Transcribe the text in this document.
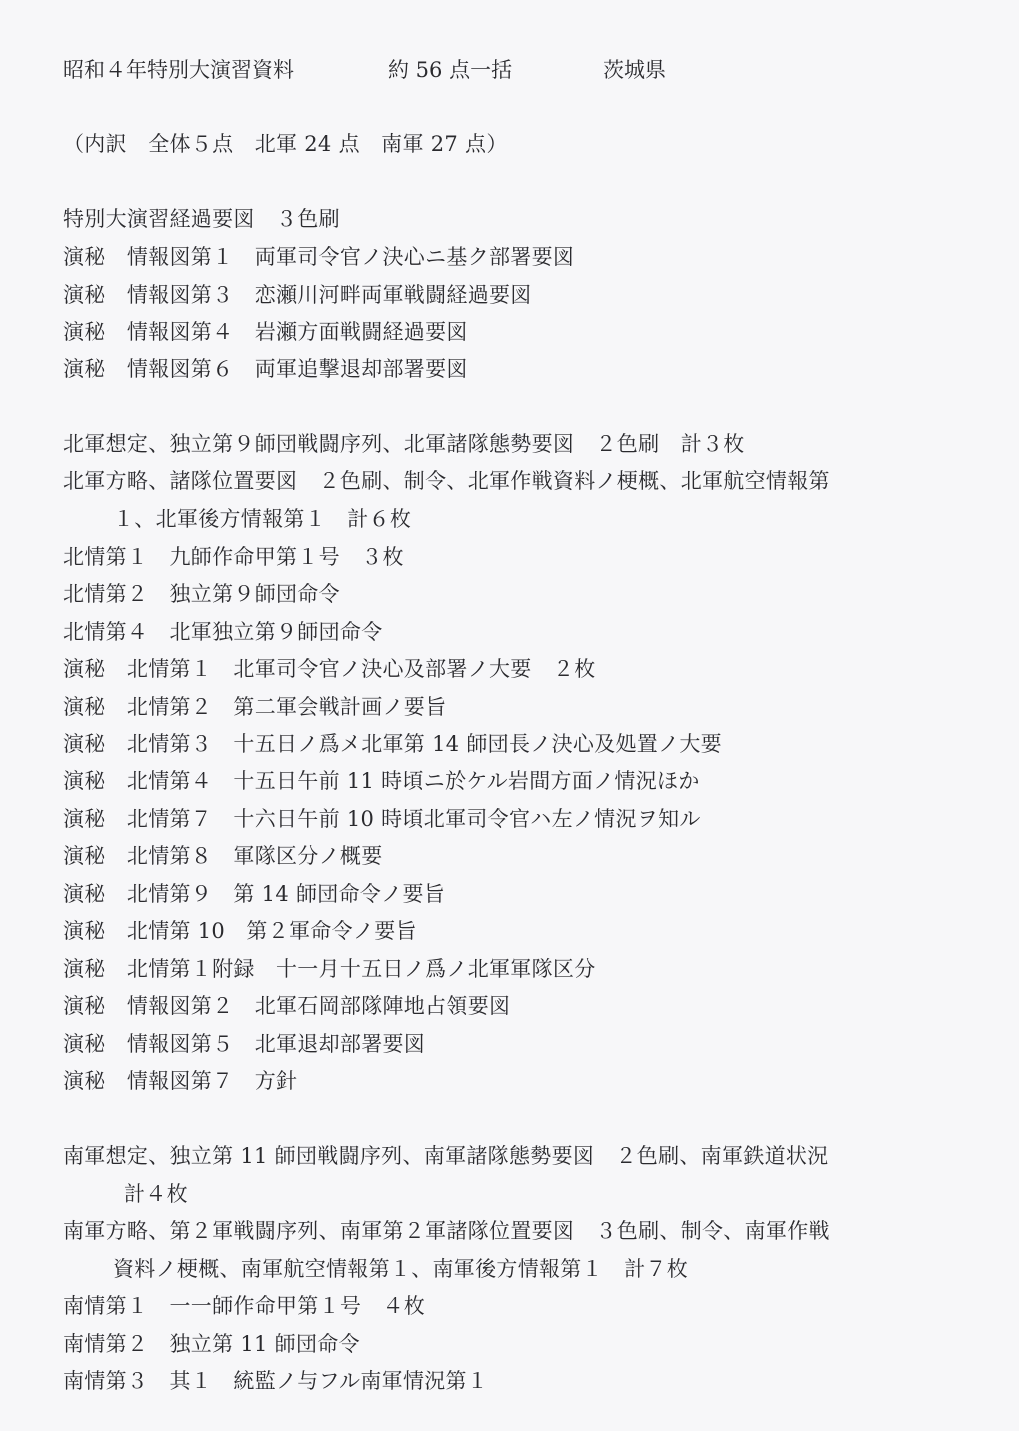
昭和４年特別大演習資料

	約 56 点一括

	茨城県

（内訳　全体５点　北軍 24 点　南軍 27 点）

特別大演習経過要図　３色刷

演秘　情報図第１　両軍司令官ノ決心ニ基ク部署要図

演秘　情報図第３　恋瀬川河畔両軍戦闘経過要図

演秘　情報図第４　岩瀬方面戦闘経過要図

演秘　情報図第６　両軍追撃退却部署要図

北軍想定、独立第９師団戦闘序列、北軍諸隊態勢要図　２色刷　計３枚

北軍方略、諸隊位置要図　２色刷、制令、北軍作戦資料ノ梗概、北軍航空情報第

１、北軍後方情報第１　計６枚

北情第１　九師作命甲第１号　３枚

北情第２　独立第９師団命令

北情第４　北軍独立第９師団命令

演秘　北情第１　北軍司令官ノ決心及部署ノ大要　２枚

演秘　北情第２　第二軍会戦計画ノ要旨

演秘　北情第３　十五日ノ爲メ北軍第 14 師団長ノ決心及処置ノ大要

演秘　北情第４　十五日午前 11 時頃ニ於ケル岩間方面ノ情況ほか

演秘　北情第７　十六日午前 10 時頃北軍司令官ハ左ノ情況ヲ知ル

演秘　北情第８　軍隊区分ノ概要

演秘　北情第９　第 14 師団命令ノ要旨

演秘　北情第 10　第２軍命令ノ要旨

演秘　北情第１附録　十一月十五日ノ爲ノ北軍軍隊区分

演秘　情報図第２　北軍石岡部隊陣地占領要図

演秘　情報図第５　北軍退却部署要図

演秘　情報図第７　方針

南軍想定、独立第 11 師団戦闘序列、南軍諸隊態勢要図　２色刷、南軍鉄道状況

計４枚

南軍方略、第２軍戦闘序列、南軍第２軍諸隊位置要図　３色刷、制令、南軍作戦

資料ノ梗概、南軍航空情報第１、南軍後方情報第１　計７枚

南情第１　一一師作命甲第１号　４枚

南情第２　独立第 11 師団命令

南情第３　其１　統監ノ与フル南軍情況第１
